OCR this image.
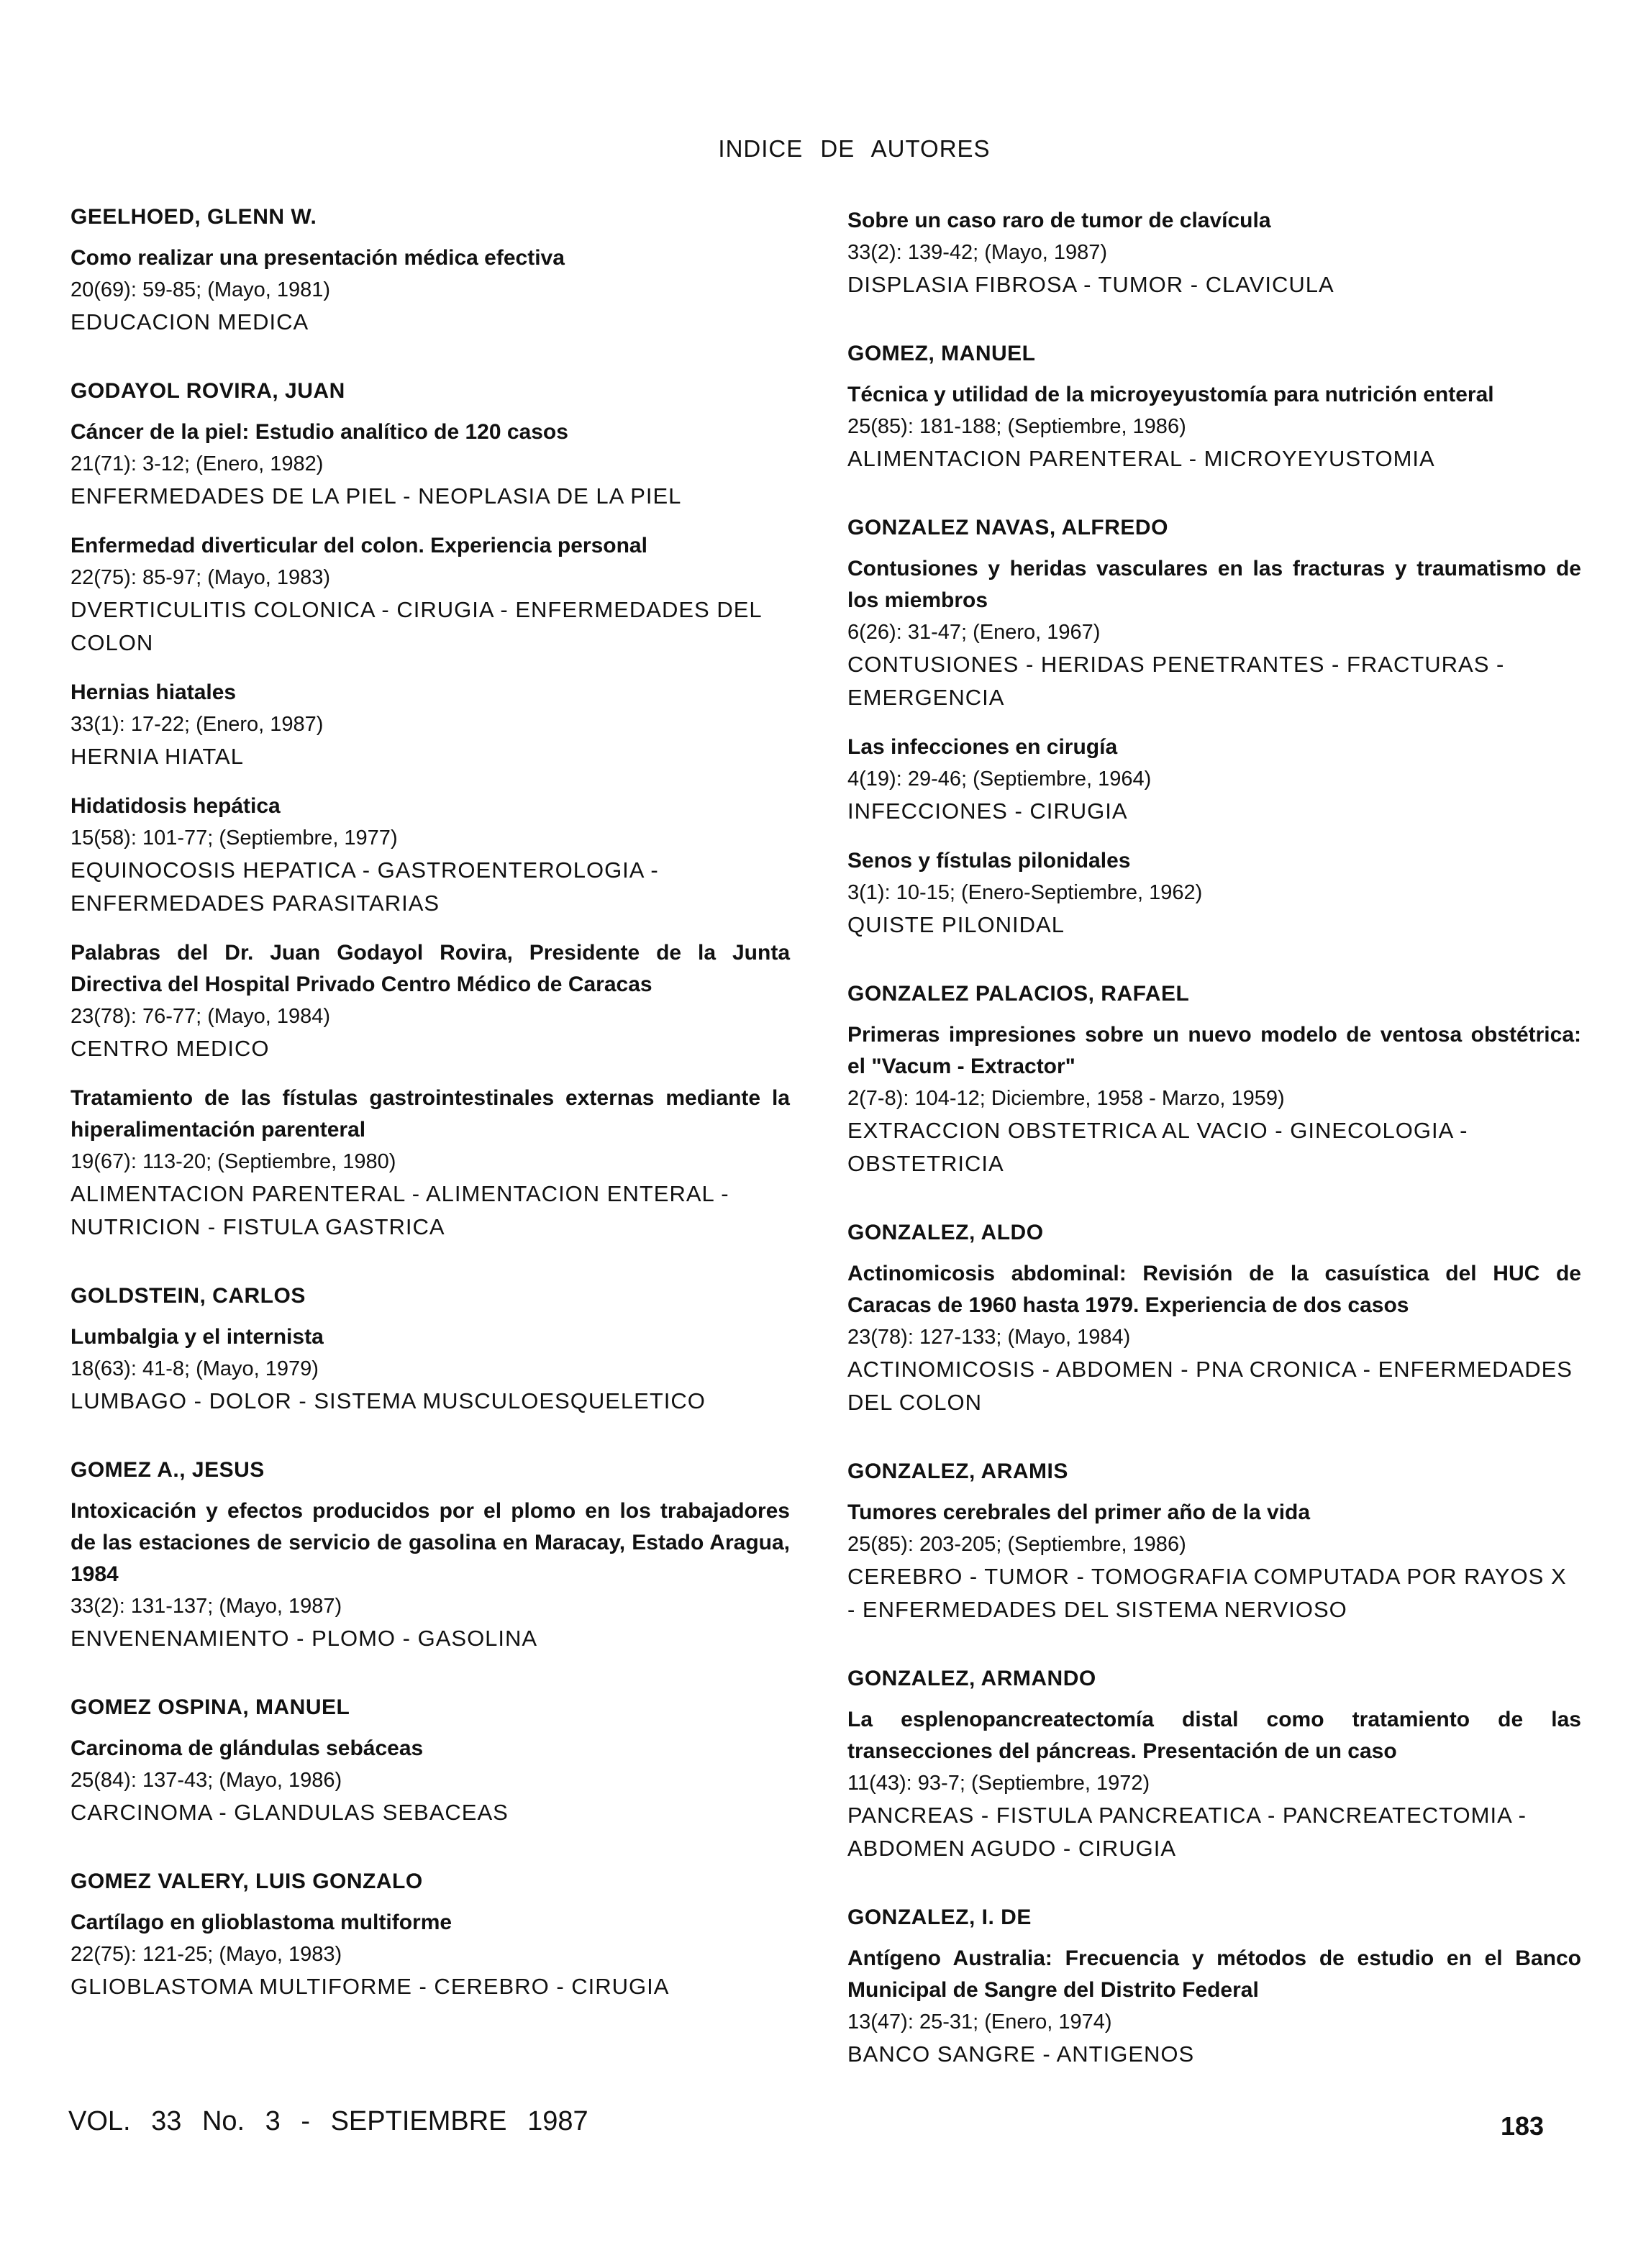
INDICE DE AUTORES
GEELHOED, GLENN W.
Como realizar una presentación médica efectiva
20(69): 59-85; (Mayo, 1981)
EDUCACION MEDICA
GODAYOL ROVIRA, JUAN
Cáncer de la piel: Estudio analítico de 120 casos
21(71): 3-12; (Enero, 1982)
ENFERMEDADES DE LA PIEL - NEOPLASIA DE LA PIEL
Enfermedad diverticular del colon. Experiencia personal
22(75): 85-97; (Mayo, 1983)
DVERTICULITIS COLONICA - CIRUGIA - ENFERMEDADES DEL COLON
Hernias hiatales
33(1): 17-22; (Enero, 1987)
HERNIA HIATAL
Hidatidosis hepática
15(58): 101-77; (Septiembre, 1977)
EQUINOCOSIS HEPATICA - GASTROENTEROLOGIA - ENFERMEDADES PARASITARIAS
Palabras del Dr. Juan Godayol Rovira, Presidente de la Junta Directiva del Hospital Privado Centro Médico de Caracas
23(78): 76-77; (Mayo, 1984)
CENTRO MEDICO
Tratamiento de las fístulas gastrointestinales externas mediante la hiperalimentación parenteral
19(67): 113-20; (Septiembre, 1980)
ALIMENTACION PARENTERAL - ALIMENTACION ENTERAL - NUTRICION - FISTULA GASTRICA
GOLDSTEIN, CARLOS
Lumbalgia y el internista
18(63): 41-8; (Mayo, 1979)
LUMBAGO - DOLOR - SISTEMA MUSCULOESQUELETICO
GOMEZ A., JESUS
Intoxicación y efectos producidos por el plomo en los trabajadores de las estaciones de servicio de gasolina en Maracay, Estado Aragua, 1984
33(2): 131-137; (Mayo, 1987)
ENVENENAMIENTO - PLOMO - GASOLINA
GOMEZ OSPINA, MANUEL
Carcinoma de glándulas sebáceas
25(84): 137-43; (Mayo, 1986)
CARCINOMA - GLANDULAS SEBACEAS
GOMEZ VALERY, LUIS GONZALO
Cartílago en glioblastoma multiforme
22(75): 121-25; (Mayo, 1983)
GLIOBLASTOMA MULTIFORME - CEREBRO - CIRUGIA
Sobre un caso raro de tumor de clavícula
33(2): 139-42; (Mayo, 1987)
DISPLASIA FIBROSA - TUMOR - CLAVICULA
GOMEZ, MANUEL
Técnica y utilidad de la microyeyustomía para nutrición enteral
25(85): 181-188; (Septiembre, 1986)
ALIMENTACION PARENTERAL - MICROYEYUSTOMIA
GONZALEZ NAVAS, ALFREDO
Contusiones y heridas vasculares en las fracturas y traumatismo de los miembros
6(26): 31-47; (Enero, 1967)
CONTUSIONES - HERIDAS PENETRANTES - FRACTURAS - EMERGENCIA
Las infecciones en cirugía
4(19): 29-46; (Septiembre, 1964)
INFECCIONES - CIRUGIA
Senos y fístulas pilonidales
3(1): 10-15; (Enero-Septiembre, 1962)
QUISTE PILONIDAL
GONZALEZ PALACIOS, RAFAEL
Primeras impresiones sobre un nuevo modelo de ventosa obstétrica: el "Vacum - Extractor"
2(7-8): 104-12; Diciembre, 1958 - Marzo, 1959)
EXTRACCION OBSTETRICA AL VACIO - GINECOLOGIA - OBSTETRICIA
GONZALEZ, ALDO
Actinomicosis abdominal: Revisión de la casuística del HUC de Caracas de 1960 hasta 1979. Experiencia de dos casos
23(78): 127-133; (Mayo, 1984)
ACTINOMICOSIS - ABDOMEN - PNA CRONICA - ENFERMEDADES DEL COLON
GONZALEZ, ARAMIS
Tumores cerebrales del primer año de la vida
25(85): 203-205; (Septiembre, 1986)
CEREBRO - TUMOR - TOMOGRAFIA COMPUTADA POR RAYOS X - ENFERMEDADES DEL SISTEMA NERVIOSO
GONZALEZ, ARMANDO
La esplenopancreatectomía distal como tratamiento de las transecciones del páncreas. Presentación de un caso
11(43): 93-7; (Septiembre, 1972)
PANCREAS - FISTULA PANCREATICA - PANCREATECTOMIA - ABDOMEN AGUDO - CIRUGIA
GONZALEZ, I. DE
Antígeno Australia: Frecuencia y métodos de estudio en el Banco Municipal de Sangre del Distrito Federal
13(47): 25-31; (Enero, 1974)
BANCO SANGRE - ANTIGENOS
VOL. 33 No. 3 - SEPTIEMBRE 1987	183
